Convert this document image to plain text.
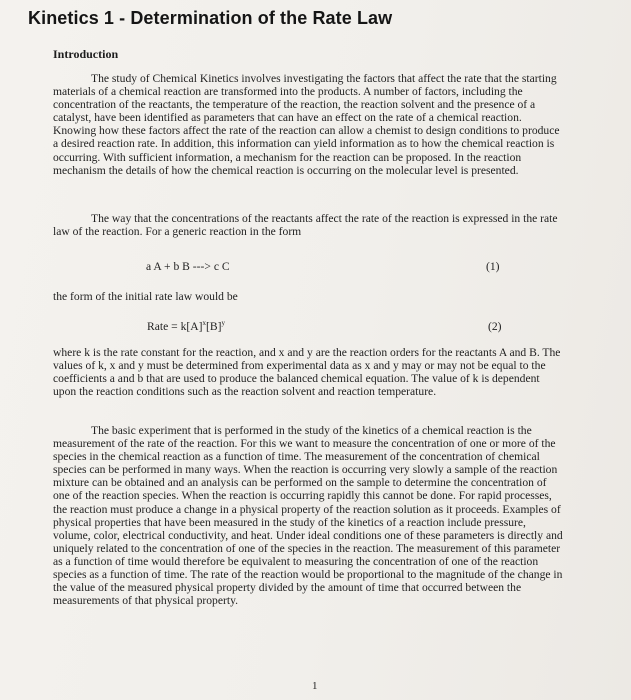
Kinetics 1 - Determination of the Rate Law
Introduction
The study of Chemical Kinetics involves investigating the factors that affect the rate that the starting materials of a chemical reaction are transformed into the products. A number of factors, including the concentration of the reactants, the temperature of the reaction, the reaction solvent and the presence of a catalyst, have been identified as parameters that can have an effect on the rate of a chemical reaction. Knowing how these factors affect the rate of the reaction can allow a chemist to design conditions to produce a desired reaction rate. In addition, this information can yield information as to how the chemical reaction is occurring. With sufficient information, a mechanism for the reaction can be proposed. In the reaction mechanism the details of how the chemical reaction is occurring on the molecular level is presented.
The way that the concentrations of the reactants affect the rate of the reaction is expressed in the rate law of the reaction. For a generic reaction in the form
a A + b B ---> c C	(1)
the form of the initial rate law would be
Rate = $k[A]^x[B]^y$	(2)
where k is the rate constant for the reaction, and x and y are the reaction orders for the reactants A and B. The values of k, x and y must be determined from experimental data as x and y may or may not be equal to the coefficients a and b that are used to produce the balanced chemical equation. The value of k is dependent upon the reaction conditions such as the reaction solvent and reaction temperature.
The basic experiment that is performed in the study of the kinetics of a chemical reaction is the measurement of the rate of the reaction. For this we want to measure the concentration of one or more of the species in the chemical reaction as a function of time. The measurement of the concentration of chemical species can be performed in many ways. When the reaction is occurring very slowly a sample of the reaction mixture can be obtained and an analysis can be performed on the sample to determine the concentration of one of the reaction species. When the reaction is occurring rapidly this cannot be done. For rapid processes, the reaction must produce a change in a physical property of the reaction solution as it proceeds. Examples of physical properties that have been measured in the study of the kinetics of a reaction include pressure, volume, color, electrical conductivity, and heat. Under ideal conditions one of these parameters is directly and uniquely related to the concentration of one of the species in the reaction. The measurement of this parameter as a function of time would therefore be equivalent to measuring the concentration of one of the reaction species as a function of time. The rate of the reaction would be proportional to the magnitude of the change in the value of the measured physical property divided by the amount of time that occurred between the measurements of that physical property.
1
